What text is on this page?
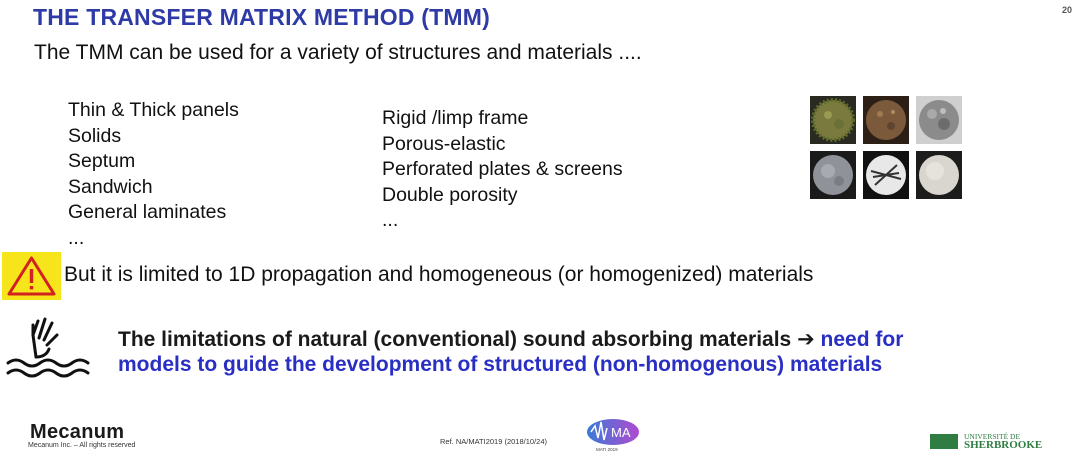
THE TRANSFER MATRIX METHOD (TMM)	20
The TMM can be used for a variety of structures and materials ....
Thin & Thick panels
Solids
Septum
Sandwich
General laminates
...
Rigid /limp frame
Porous-elastic
Perforated plates & screens
Double porosity
...
But it is limited to 1D propagation and homogeneous (or homogenized) materials
The limitations of natural (conventional) sound absorbing materials ➔ need for
models to guide the development of structured (non-homogenous) materials
Mecanum
Mecanum Inc. – All rights reserved	Ref. NA/MATI2019 (2018/10/24)
MA
MATI 2019
UNIVERSITÉ DE
SHERBROOKE
